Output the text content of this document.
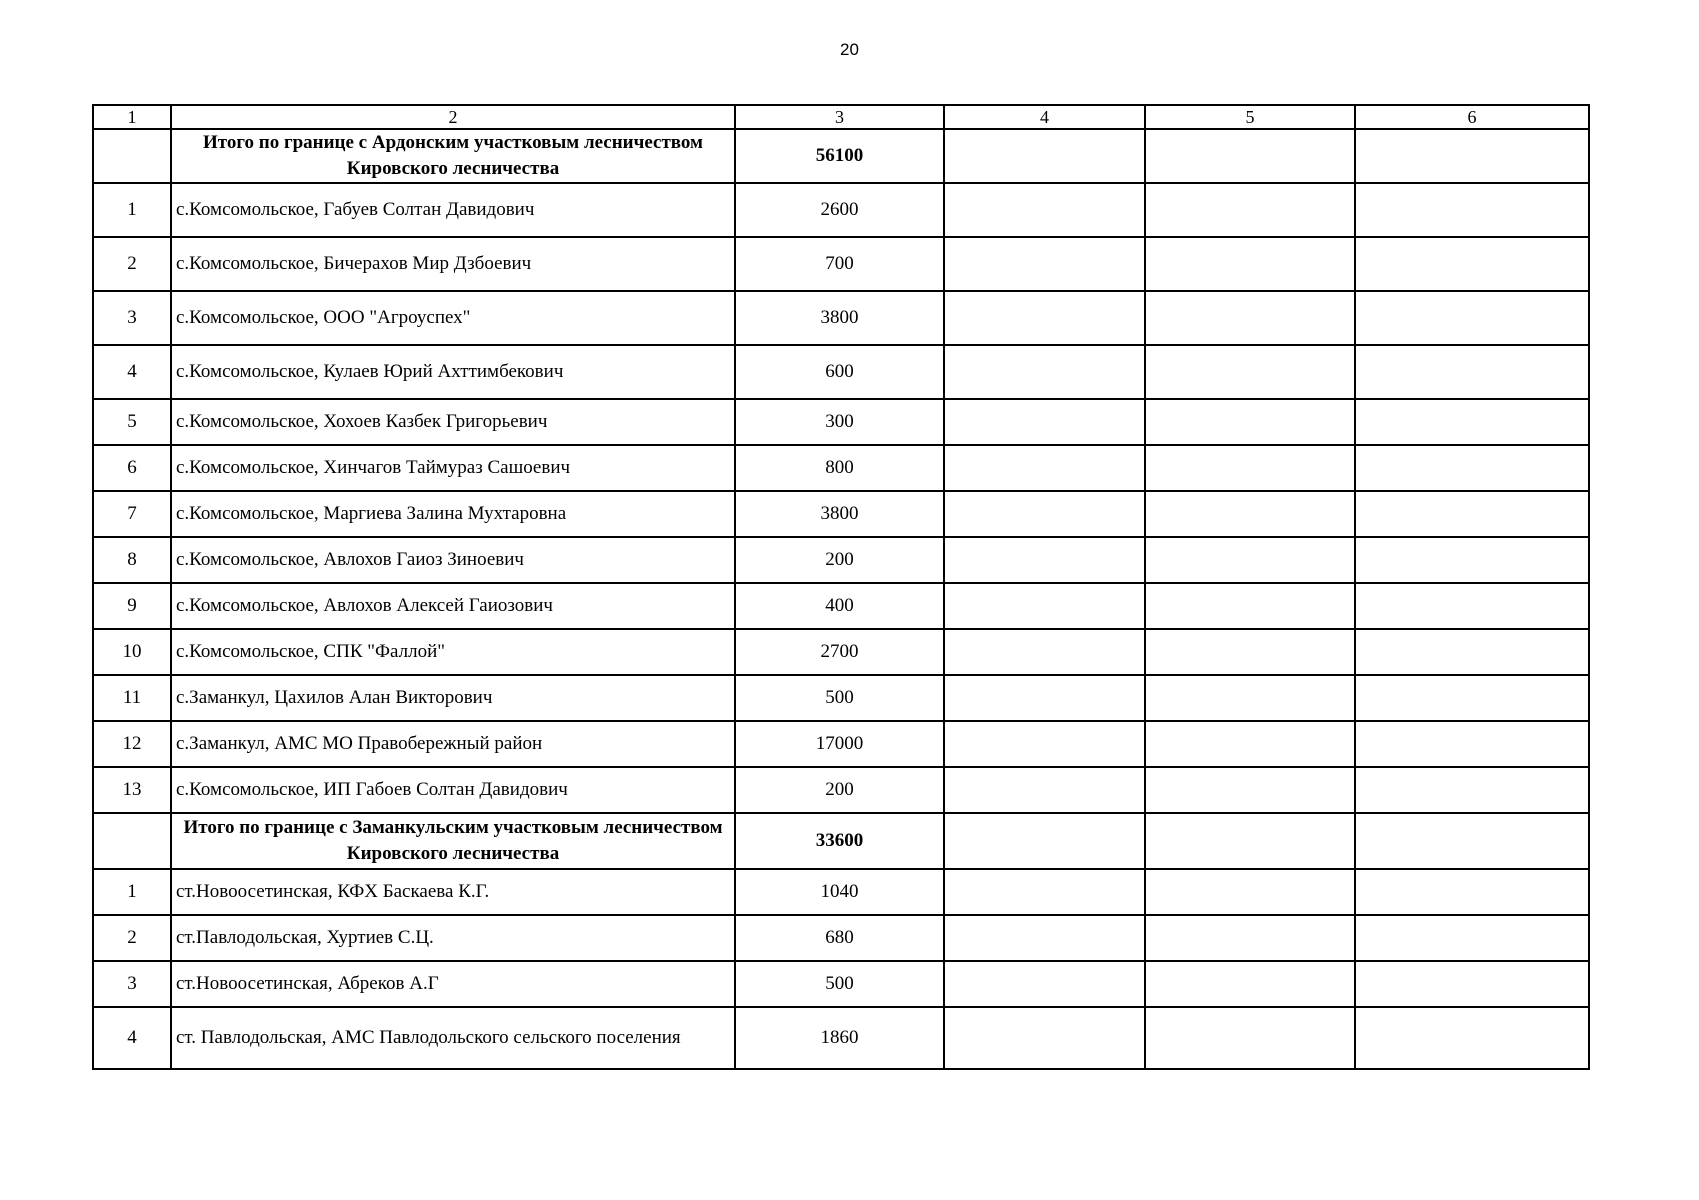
20
1	2	3	4	5	6
	Итого по границе с Ардонским участковым лесничеством Кировского лесничества	56100			
1	с.Комсомольское, Габуев Солтан Давидович	2600			
2	с.Комсомольское, Бичерахов Мир Дзбоевич	700			
3	с.Комсомольское, ООО "Агроуспех"	3800			
4	с.Комсомольское, Кулаев Юрий Ахттимбекович	600			
5	с.Комсомольское, Хохоев Казбек Григорьевич	300			
6	с.Комсомольское, Хинчагов Таймураз Сашоевич	800			
7	с.Комсомольское, Маргиева Залина Мухтаровна	3800			
8	с.Комсомольское, Авлохов Гаиоз Зиноевич	200			
9	с.Комсомольское, Авлохов Алексей Гаиозович	400			
10	с.Комсомольское, СПК "Фаллой"	2700			
11	с.Заманкул, Цахилов Алан Викторович	500			
12	с.Заманкул, АМС МО Правобережный район	17000			
13	с.Комсомольское, ИП Габоев Солтан Давидович	200			
	Итого по границе с Заманкульским участковым лесничеством Кировского лесничества	33600			
1	ст.Новоосетинская, КФХ Баскаева К.Г.	1040			
2	ст.Павлодольская, Хуртиев С.Ц.	680			
3	ст.Новоосетинская, Абреков А.Г	500			
4	ст. Павлодольская, АМС Павлодольского сельского поселения	1860			
